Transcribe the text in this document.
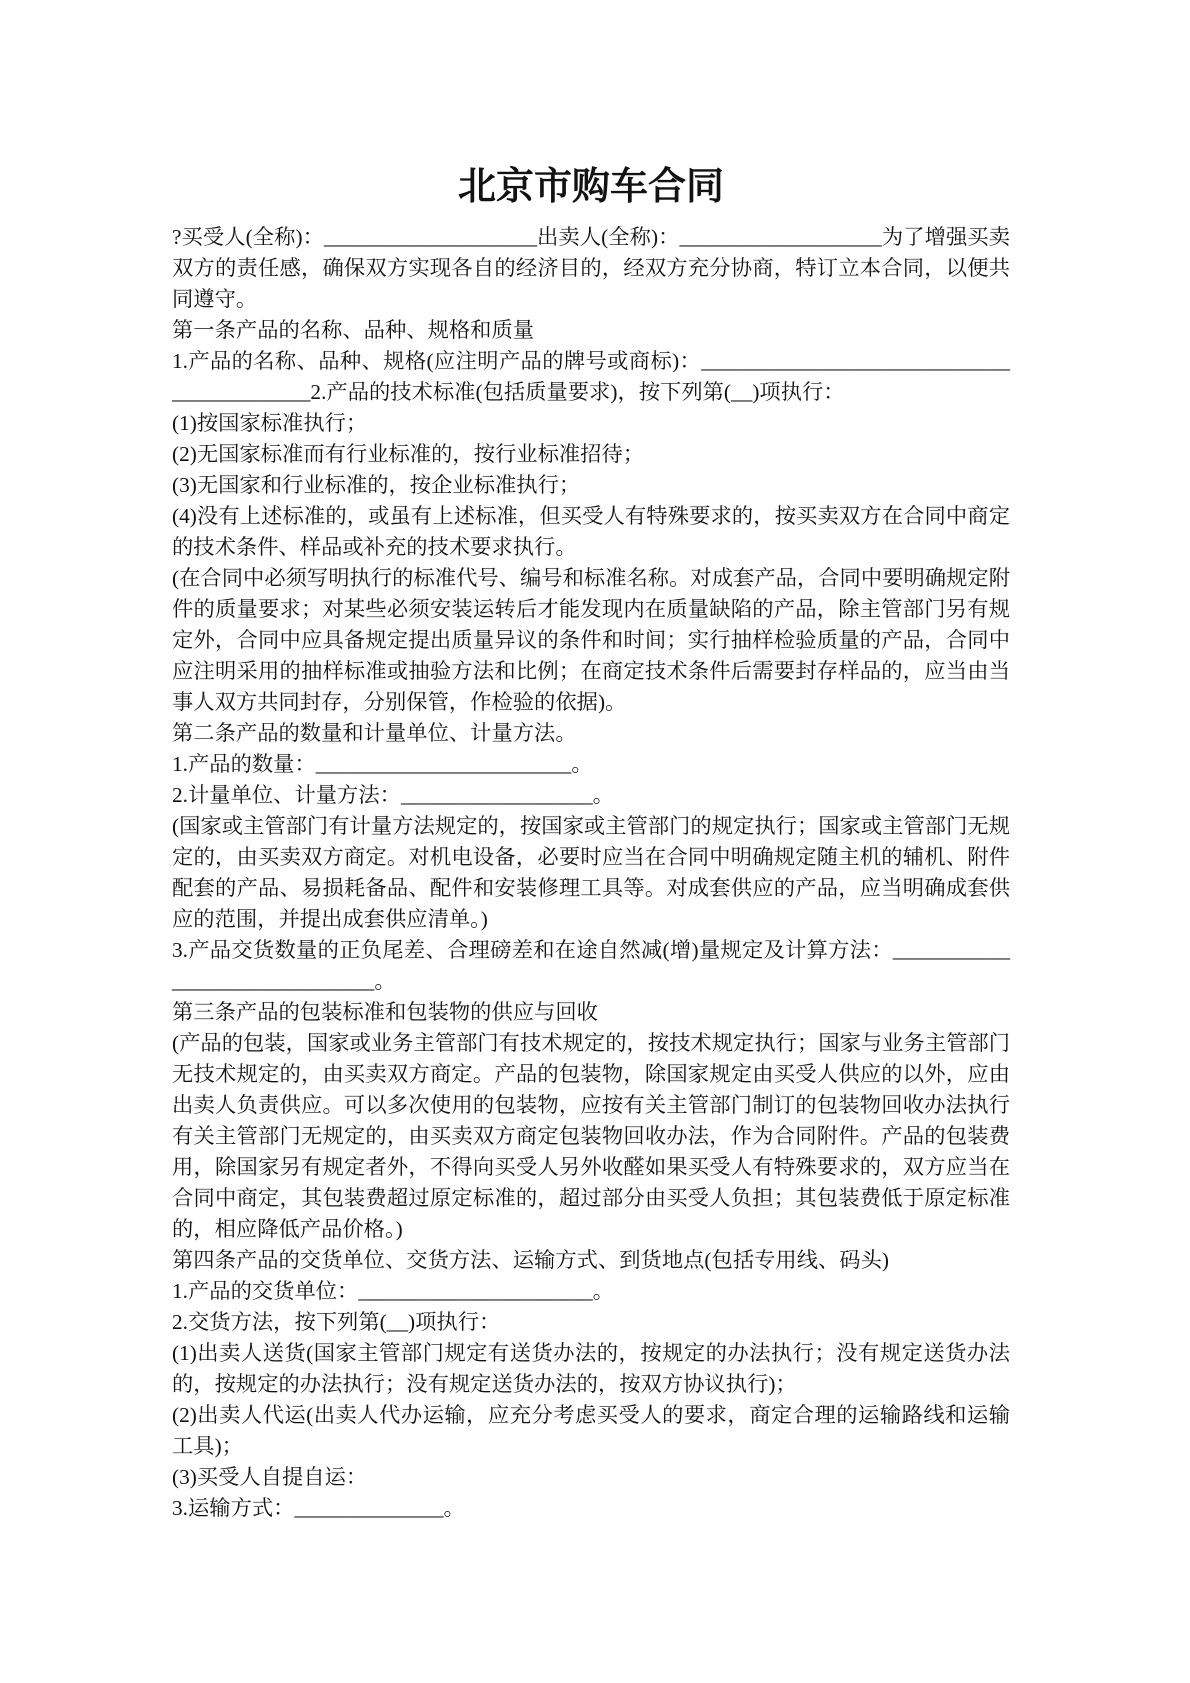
北京市购车合同

?买受人(全称)：____________________出卖人(全称)：___________________为了增强买卖双方的责任感，确保双方实现各自的经济目的，经双方充分协商，特订立本合同，以便共同遵守。

第一条产品的名称、品种、规格和质量

1.产品的名称、品种、规格(应注明产品的牌号或商标)：__________________________________________2.产品的技术标准(包括质量要求)，按下列第(__)项执行：

(1)按国家标准执行；

(2)无国家标准而有行业标准的，按行业标准招待；

(3)无国家和行业标准的，按企业标准执行；

(4)没有上述标准的，或虽有上述标准，但买受人有特殊要求的，按买卖双方在合同中商定的技术条件、样品或补充的技术要求执行。

(在合同中必须写明执行的标准代号、编号和标准名称。对成套产品，合同中要明确规定附件的质量要求；对某些必须安装运转后才能发现内在质量缺陷的产品，除主管部门另有规定外，合同中应具备规定提出质量异议的条件和时间；实行抽样检验质量的产品，合同中应注明采用的抽样标准或抽验方法和比例；在商定技术条件后需要封存样品的，应当由当事人双方共同封存，分别保管，作检验的依据)。

第二条产品的数量和计量单位、计量方法。

1.产品的数量：________________________。

2.计量单位、计量方法：__________________。

(国家或主管部门有计量方法规定的，按国家或主管部门的规定执行；国家或主管部门无规定的，由买卖双方商定。对机电设备，必要时应当在合同中明确规定随主机的辅机、附件配套的产品、易损耗备品、配件和安装修理工具等。对成套供应的产品，应当明确成套供应的范围，并提出成套供应清单。)

3.产品交货数量的正负尾差、合理磅差和在途自然减(增)量规定及计算方法：______________________________。

第三条产品的包装标准和包装物的供应与回收

(产品的包装，国家或业务主管部门有技术规定的，按技术规定执行；国家与业务主管部门无技术规定的，由买卖双方商定。产品的包装物，除国家规定由买受人供应的以外，应由出卖人负责供应。可以多次使用的包装物，应按有关主管部门制订的包装物回收办法执行有关主管部门无规定的，由买卖双方商定包装物回收办法，作为合同附件。产品的包装费用，除国家另有规定者外，不得向买受人另外收醛如果买受人有特殊要求的，双方应当在合同中商定，其包装费超过原定标准的，超过部分由买受人负担；其包装费低于原定标准的，相应降低产品价格。)

第四条产品的交货单位、交货方法、运输方式、到货地点(包括专用线、码头)

1.产品的交货单位：______________________。

2.交货方法，按下列第(__)项执行：

(1)出卖人送货(国家主管部门规定有送货办法的，按规定的办法执行；没有规定送货办法的，按规定的办法执行；没有规定送货办法的，按双方协议执行)；

(2)出卖人代运(出卖人代办运输，应充分考虑买受人的要求，商定合理的运输路线和运输工具)；

(3)买受人自提自运：

3.运输方式：______________。
